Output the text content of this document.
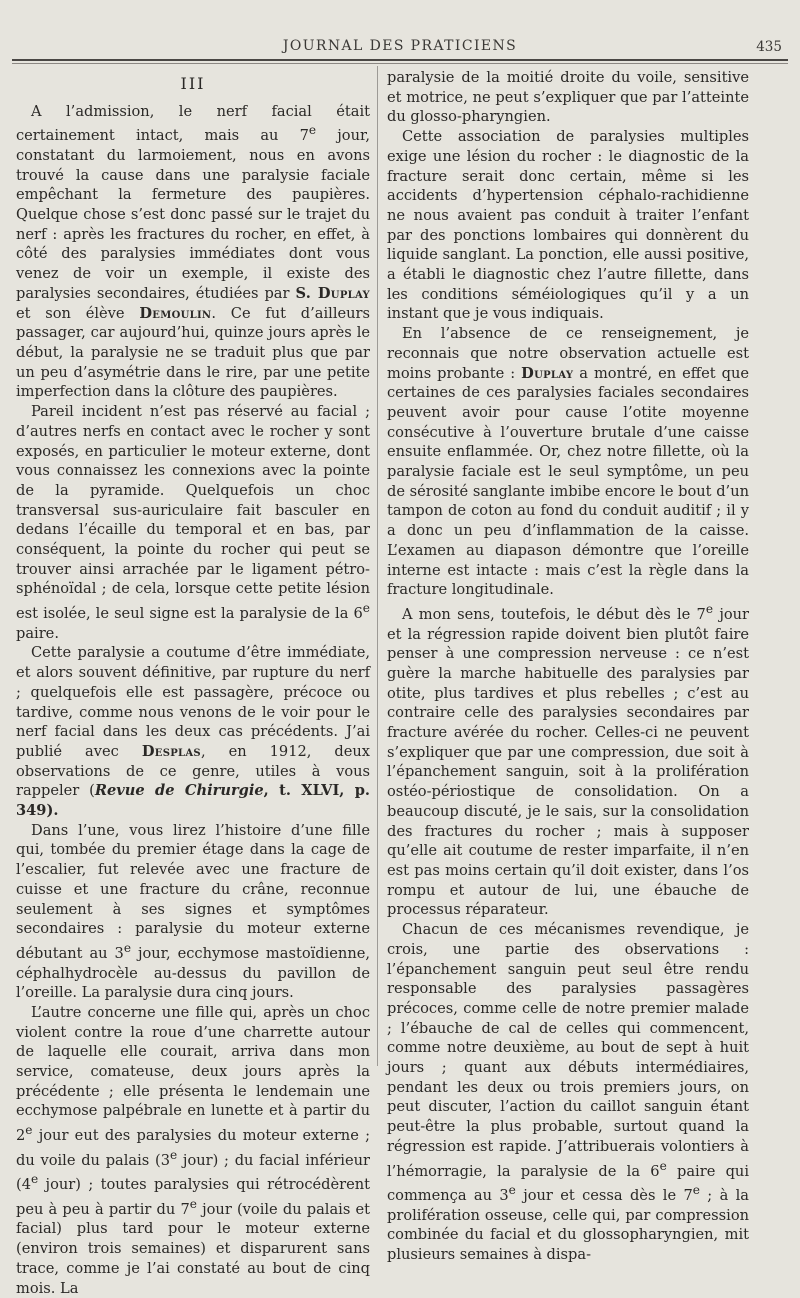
JOURNAL DES PRATICIENS	435
III

A l’admission, le nerf facial était certainement intact, mais au 7e jour, constatant du larmoiement, nous en avons trouvé la cause dans une paralysie faciale empêchant la fermeture des paupières. Quelque chose s’est donc passé sur le trajet du nerf : après les fractures du rocher, en effet, à côté des paralysies immédiates dont vous venez de voir un exemple, il existe des paralysies secondaires, étudiées par S. Duplay et son élève Demoulin. Ce fut d’ailleurs passager, car aujourd’hui, quinze jours après le début, la paralysie ne se traduit plus que par un peu d’asymétrie dans le rire, par une petite imperfection dans la clôture des paupières.

Pareil incident n’est pas réservé au facial ; d’autres nerfs en contact avec le rocher y sont exposés, en particulier le moteur externe, dont vous connaissez les connexions avec la pointe de la pyramide. Quelquefois un choc transversal sus-auriculaire fait basculer en dedans l’écaille du temporal et en bas, par conséquent, la pointe du rocher qui peut se trouver ainsi arrachée par le ligament pétro-sphénoïdal ; de cela, lorsque cette petite lésion est isolée, le seul signe est la paralysie de la 6e paire.

Cette paralysie a coutume d’être immédiate, et alors souvent définitive, par rupture du nerf ; quelquefois elle est passagère, précoce ou tardive, comme nous venons de le voir pour le nerf facial dans les deux cas précédents. J’ai publié avec Desplas, en 1912, deux observations de ce genre, utiles à vous rappeler (Revue de Chirurgie, t. XLVI, p. 349).

Dans l’une, vous lirez l’histoire d’une fille qui, tombée du premier étage dans la cage de l’escalier, fut relevée avec une fracture de cuisse et une fracture du crâne, reconnue seulement à ses signes et symptômes secondaires : paralysie du moteur externe débutant au 3e jour, ecchymose mastoïdienne, céphalhydrocèle au-dessus du pavillon de l’oreille. La paralysie dura cinq jours.

L’autre concerne une fille qui, après un choc violent contre la roue d’une charrette autour de laquelle elle courait, arriva dans mon service, comateuse, deux jours après la précédente ; elle présenta le lendemain une ecchymose palpébrale en lunette et à partir du 2e jour eut des paralysies du moteur externe ; du voile du palais (3e jour) ; du facial inférieur (4e jour) ; toutes paralysies qui rétrocédèrent peu à peu à partir du 7e jour (voile du palais et facial) plus tard pour le moteur externe (environ trois semaines) et disparurent sans trace, comme je l’ai constaté au bout de cinq mois. La

paralysie de la moitié droite du voile, sensitive et motrice, ne peut s’expliquer que par l’atteinte du glosso-pharyngien.

Cette association de paralysies multiples exige une lésion du rocher : le diagnostic de la fracture serait donc certain, même si les accidents d’hypertension céphalo-rachidienne ne nous avaient pas conduit à traiter l’enfant par des ponctions lombaires qui donnèrent du liquide sanglant. La ponction, elle aussi positive, a établi le diagnostic chez l’autre fillette, dans les conditions séméiologiques qu’il y a un instant que je vous indiquais.

En l’absence de ce renseignement, je reconnais que notre observation actuelle est moins probante : Duplay a montré, en effet que certaines de ces paralysies faciales secondaires peuvent avoir pour cause l’otite moyenne consécutive à l’ouverture brutale d’une caisse ensuite enflammée. Or, chez notre fillette, où la paralysie faciale est le seul symptôme, un peu de sérosité sanglante imbibe encore le bout d’un tampon de coton au fond du conduit auditif ; il y a donc un peu d’inflammation de la caisse. L’examen au diapason démontre que l’oreille interne est intacte : mais c’est la règle dans la fracture longitudinale.

A mon sens, toutefois, le début dès le 7e jour et la régression rapide doivent bien plutôt faire penser à une compression nerveuse : ce n’est guère la marche habituelle des paralysies par otite, plus tardives et plus rebelles ; c’est au contraire celle des paralysies secondaires par fracture avérée du rocher. Celles-ci ne peuvent s’expliquer que par une compression, due soit à l’épanchement sanguin, soit à la prolifération ostéo-périostique de consolidation. On a beaucoup discuté, je le sais, sur la consolidation des fractures du rocher ; mais à supposer qu’elle ait coutume de rester imparfaite, il n’en est pas moins certain qu’il doit exister, dans l’os rompu et autour de lui, une ébauche de processus réparateur.

Chacun de ces mécanismes revendique, je crois, une partie des observations : l’épanchement sanguin peut seul être rendu responsable des paralysies passagères précoces, comme celle de notre premier malade ; l’ébauche de cal de celles qui commencent, comme notre deuxième, au bout de sept à huit jours ; quant aux débuts intermédiaires, pendant les deux ou trois premiers jours, on peut discuter, l’action du caillot sanguin étant peut-être la plus probable, surtout quand la régression est rapide. J’attribuerais volontiers à l’hémorragie, la paralysie de la 6e paire qui commença au 3e jour et cessa dès le 7e ; à la prolifération osseuse, celle qui, par compression combinée du facial et du glossopharyngien, mit plusieurs semaines à dispa-
